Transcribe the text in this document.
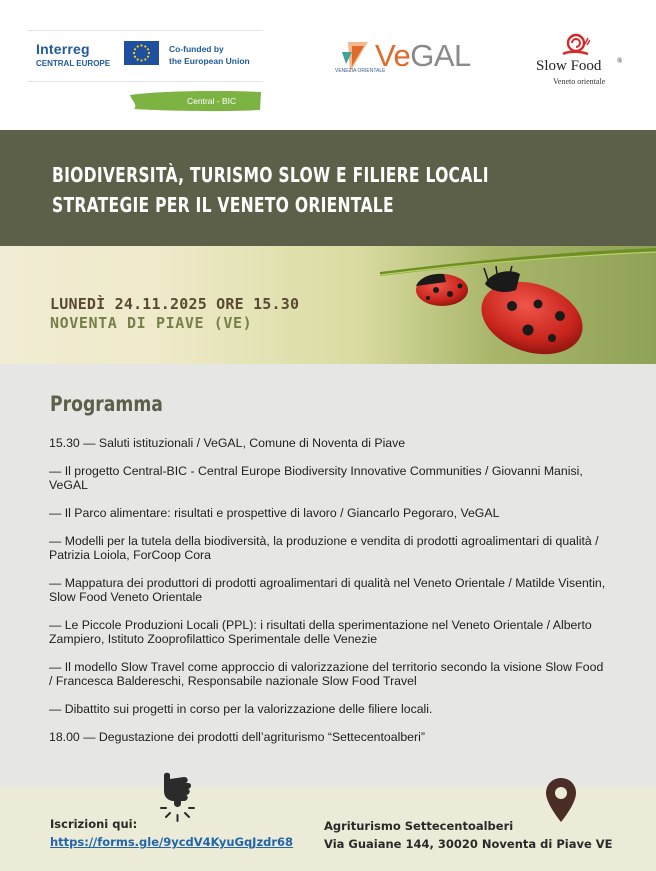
Interreg
CENTRAL EUROPE
Co-funded by
the European Union
Central - BIC
VeGAL
VENEZIA ORIENTALE	Slow Food ®
Veneto orientale
BIODIVERSITÀ, TURISMO SLOW E FILIERE LOCALI
STRATEGIE PER IL VENETO ORIENTALE
LUNEDÌ 24.11.2025 ORE 15.30
NOVENTA DI PIAVE (VE)
Programma
15.30 — Saluti istituzionali / VeGAL, Comune di Noventa di Piave
— Il progetto Central-BIC - Central Europe Biodiversity Innovative Communities / Giovanni Manisi, VeGAL
— Il Parco alimentare: risultati e prospettive di lavoro / Giancarlo Pegoraro, VeGAL
— Modelli per la tutela della biodiversità, la produzione e vendita di prodotti agroalimentari di qualità / Patrizia Loiola, ForCoop Cora
— Mappatura dei produttori di prodotti agroalimentari di qualità nel Veneto Orientale / Matilde Visentin, Slow Food Veneto Orientale
— Le Piccole Produzioni Locali (PPL): i risultati della sperimentazione nel Veneto Orientale / Alberto Zampiero, Istituto Zooprofilattico Sperimentale delle Venezie
— Il modello Slow Travel come approccio di valorizzazione del territorio secondo la visione Slow Food / Francesca Baldereschi, Responsabile nazionale Slow Food Travel
— Dibattito sui progetti in corso per la valorizzazione delle filiere locali.
18.00 — Degustazione dei prodotti dell’agriturismo “Settecentoalberi”
Iscrizioni qui:
https://forms.gle/9ycdV4KyuGqJzdr68
Agriturismo Settecentoalberi
Via Guaiane 144, 30020 Noventa di Piave VE
